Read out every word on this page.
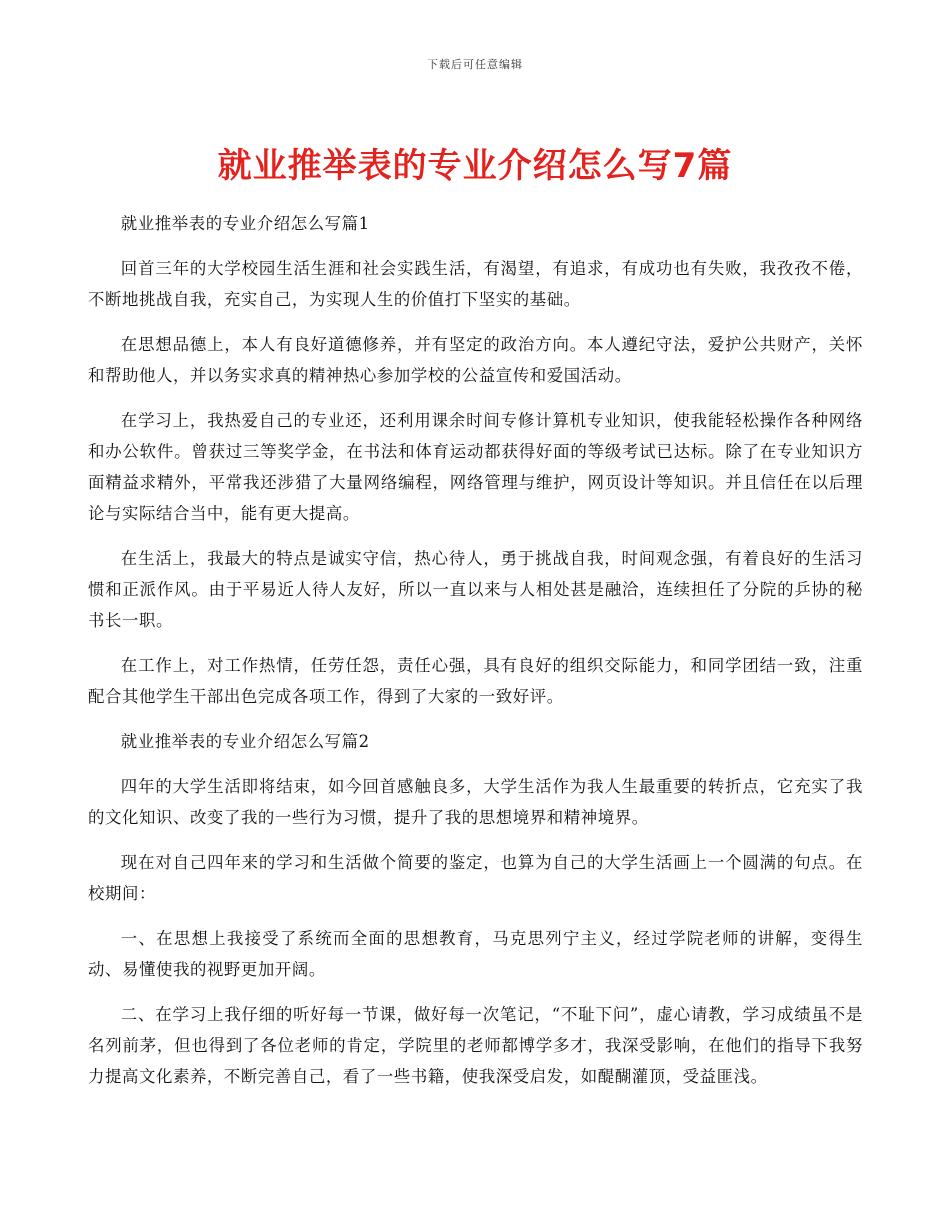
下载后可任意编辑
就业推举表的专业介绍怎么写7篇

就业推举表的专业介绍怎么写篇1

回首三年的大学校园生活生涯和社会实践生活，有渴望，有追求，有成功也有失败，我孜孜不倦，不断地挑战自我，充实自己，为实现人生的价值打下坚实的基础。

在思想品德上，本人有良好道德修养，并有坚定的政治方向。本人遵纪守法，爱护公共财产，关怀和帮助他人，并以务实求真的精神热心参加学校的公益宣传和爱国活动。

在学习上，我热爱自己的专业还，还利用课余时间专修计算机专业知识，使我能轻松操作各种网络和办公软件。曾获过三等奖学金，在书法和体育运动都获得好面的等级考试已达标。除了在专业知识方面精益求精外，平常我还涉猎了大量网络编程，网络管理与维护，网页设计等知识。并且信任在以后理论与实际结合当中，能有更大提高。

在生活上，我最大的特点是诚实守信，热心待人，勇于挑战自我，时间观念强，有着良好的生活习惯和正派作风。由于平易近人待人友好，所以一直以来与人相处甚是融洽，连续担任了分院的乒协的秘书长一职。

在工作上，对工作热情，任劳任怨，责任心强，具有良好的组织交际能力，和同学团结一致，注重配合其他学生干部出色完成各项工作，得到了大家的一致好评。

就业推举表的专业介绍怎么写篇2

四年的大学生活即将结束，如今回首感触良多，大学生活作为我人生最重要的转折点，它充实了我的文化知识、改变了我的一些行为习惯，提升了我的思想境界和精神境界。

现在对自己四年来的学习和生活做个简要的鉴定，也算为自己的大学生活画上一个圆满的句点。在校期间：

一、在思想上我接受了系统而全面的思想教育，马克思列宁主义，经过学院老师的讲解，变得生动、易懂使我的视野更加开阔。

二、在学习上我仔细的听好每一节课，做好每一次笔记，“不耻下问”，虚心请教，学习成绩虽不是名列前茅，但也得到了各位老师的肯定，学院里的老师都博学多才，我深受影响，在他们的指导下我努力提高文化素养，不断完善自己，看了一些书籍，使我深受启发，如醍醐灌顶，受益匪浅。
